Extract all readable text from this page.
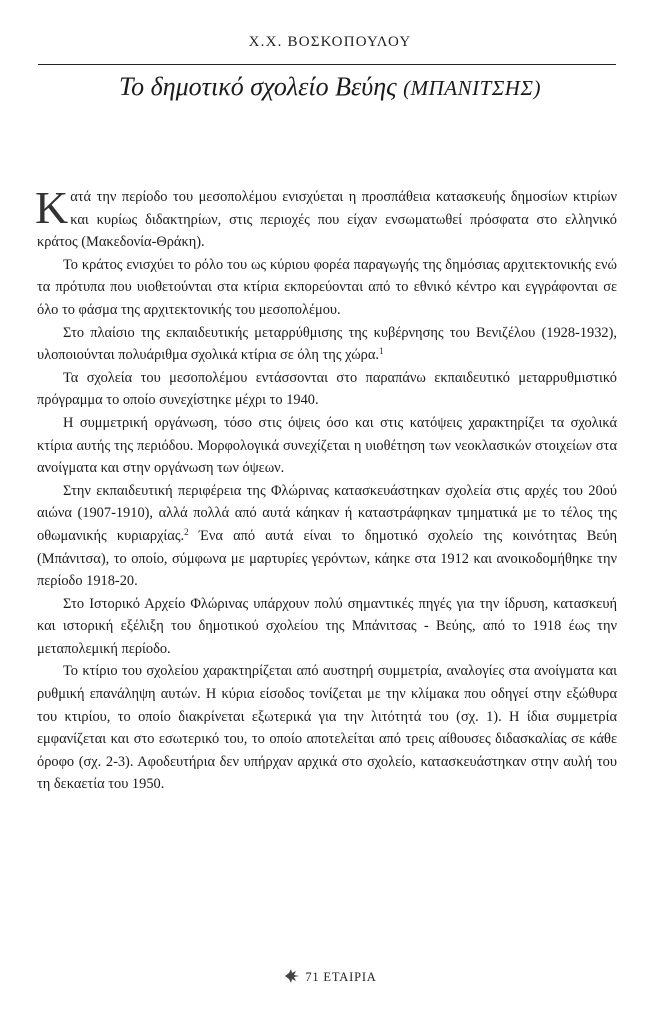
Χ.Χ. ΒΟΣΚΟΠΟΥΛΟΥ
Το δημοτικό σχολείο Βεύης (ΜΠΑΝΙΤΣΗΣ)

Κατά την περίοδο του μεσοπολέμου ενισχύεται η προσπάθεια κατασκευής δημοσίων κτιρίων και κυρίως διδακτηρίων, στις περιοχές που είχαν ενσωματωθεί πρόσφατα στο ελληνικό κράτος (Μακεδονία-Θράκη).

Το κράτος ενισχύει το ρόλο του ως κύριου φορέα παραγωγής της δημόσιας αρχιτεκτονικής ενώ τα πρότυπα που υιοθετούνται στα κτίρια εκπορεύονται από το εθνικό κέντρο και εγγράφονται σε όλο το φάσμα της αρχιτεκτονικής του μεσοπολέμου.

Στο πλαίσιο της εκπαιδευτικής μεταρρύθμισης της κυβέρνησης του Βενιζέλου (1928-1932), υλοποιούνται πολυάριθμα σχολικά κτίρια σε όλη της χώρα.$^1$

Τα σχολεία του μεσοπολέμου εντάσσονται στο παραπάνω εκπαιδευτικό μεταρρυθμιστικό πρόγραμμα το οποίο συνεχίστηκε μέχρι το 1940.

Η συμμετρική οργάνωση, τόσο στις όψεις όσο και στις κατόψεις χαρακτηρίζει τα σχολικά κτίρια αυτής της περιόδου. Μορφολογικά συνεχίζεται η υιοθέτηση των νεοκλασικών στοιχείων στα ανοίγματα και στην οργάνωση των όψεων.

Στην εκπαιδευτική περιφέρεια της Φλώρινας κατασκευάστηκαν σχολεία στις αρχές του 20ού αιώνα (1907-1910), αλλά πολλά από αυτά κάηκαν ή καταστράφηκαν τμηματικά με το τέλος της οθωμανικής κυριαρχίας.$^2$ Ένα από αυτά είναι το δημοτικό σχολείο της κοινότητας Βεύη (Μπάνιτσα), το οποίο, σύμφωνα με μαρτυρίες γερόντων, κάηκε στα 1912 και ανοικοδομήθηκε την περίοδο 1918-20.

Στο Ιστορικό Αρχείο Φλώρινας υπάρχουν πολύ σημαντικές πηγές για την ίδρυση, κατασκευή και ιστορική εξέλιξη του δημοτικού σχολείου της Μπάνιτσας - Βεύης, από το 1918 έως την μεταπολεμική περίοδο.

Το κτίριο του σχολείου χαρακτηρίζεται από αυστηρή συμμετρία, αναλογίες στα ανοίγματα και ρυθμική επανάληψη αυτών. Η κύρια είσοδος τονίζεται με την κλίμακα που οδηγεί στην εξώθυρα του κτιρίου, το οποίο διακρίνεται εξωτερικά για την λιτότητά του (σχ. 1). Η ίδια συμμετρία εμφανίζεται και στο εσωτερικό του, το οποίο αποτελείται από τρεις αίθουσες διδασκαλίας σε κάθε όροφο (σχ. 2-3). Αφοδευτήρια δεν υπήρχαν αρχικά στο σχολείο, κατασκευάστηκαν στην αυλή του τη δεκαετία του 1950.

71 ΕΤΑΙΡΙΑ
